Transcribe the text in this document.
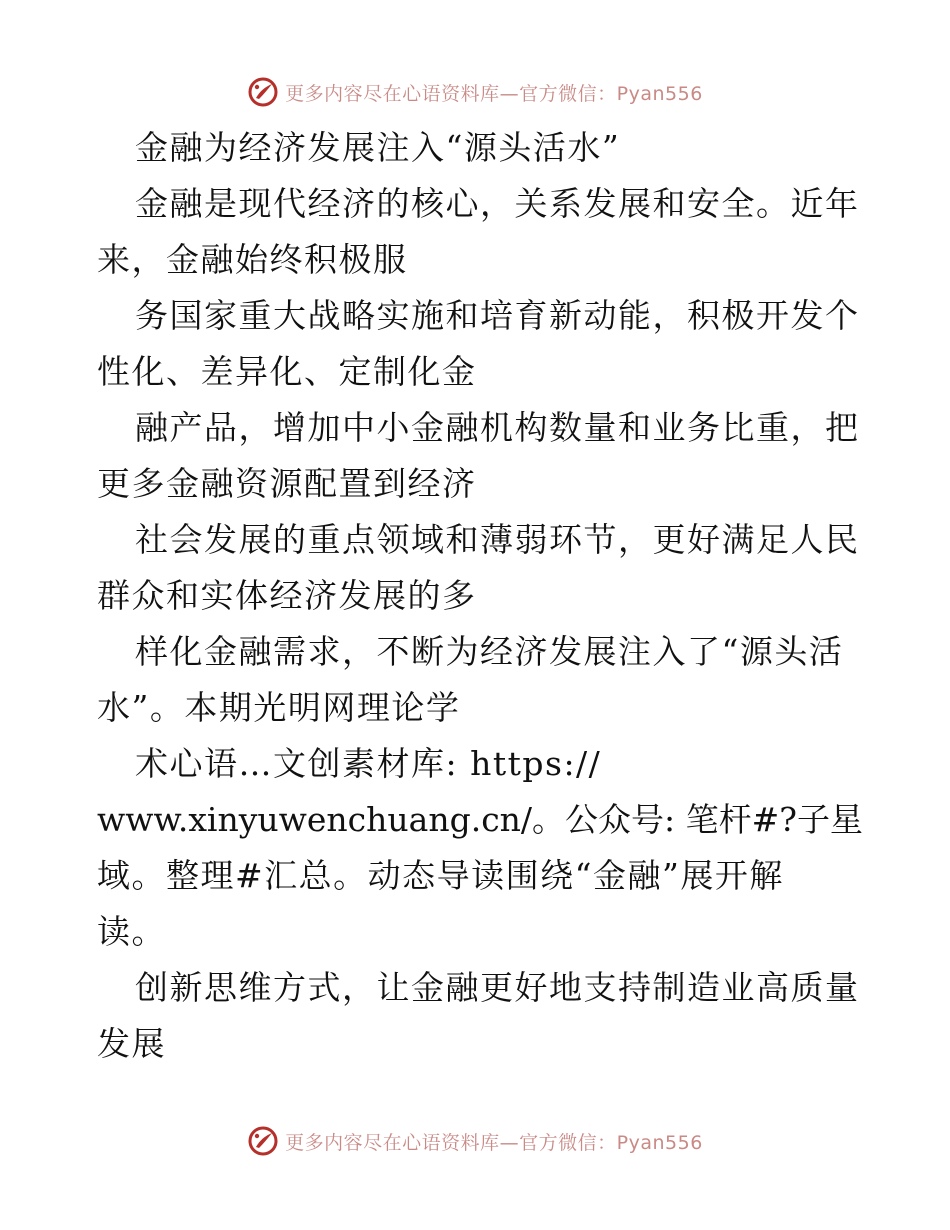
更多内容尽在心语资料库—官方微信：Pyan556
金融为经济发展注入“源头活水”
金融是现代经济的核心，关系发展和安全。近年
来，金融始终积极服
务国家重大战略实施和培育新动能，积极开发个
性化、差异化、定制化金
融产品，增加中小金融机构数量和业务比重，把
更多金融资源配置到经济
社会发展的重点领域和薄弱环节，更好满足人民
群众和实体经济发展的多
样化金融需求，不断为经济发展注入了“源头活
水”。本期光明网理论学
术心语…文创素材库: https://
www.xinyuwenchuang.cn/。公众号: 笔杆#?子星
域。整理#汇总。动态导读围绕“金融”展开解
读。
创新思维方式，让金融更好地支持制造业高质量
发展
更多内容尽在心语资料库—官方微信：Pyan556
